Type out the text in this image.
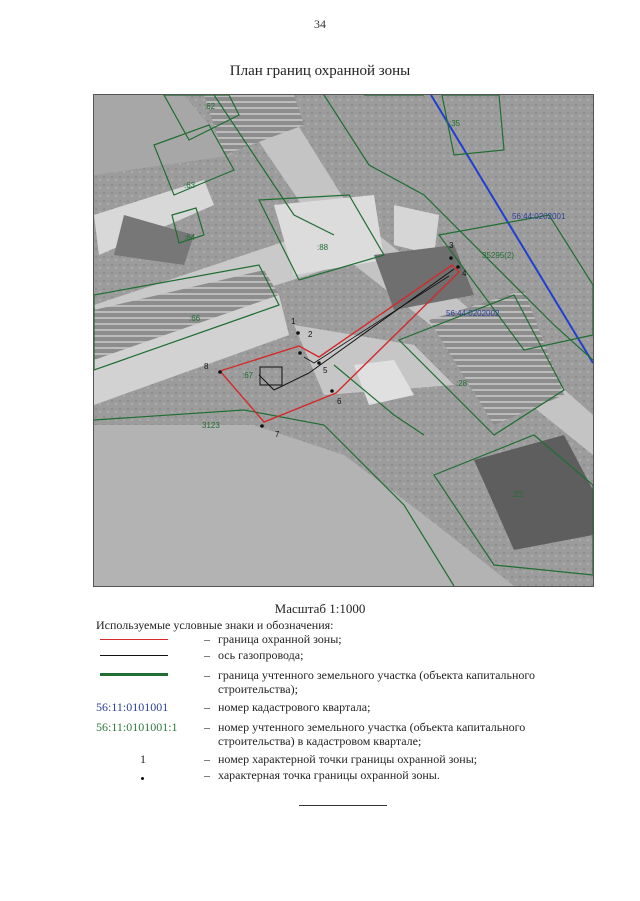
34
План границ охранной зоны
1
2
3
4
5
6
7
8
:62
:63
:64
:66
:67
:88
:35
35295(2)
:28
:22
3123
56:44:0202001
56:44:0202002
Масштаб 1:1000
Используемые условные знаки и обозначения:
– граница охранной зоны;
– ось газопровода;
– граница учтенного земельного участка (объекта капитального строительства);
56:11:0101001	– номер кадастрового квартала;
56:11:0101001:1	– номер учтенного земельного участка (объекта капитального строительства) в кадастровом квартале;
1	– номер характерной точки границы охранной зоны;
– характерная точка границы охранной зоны.
